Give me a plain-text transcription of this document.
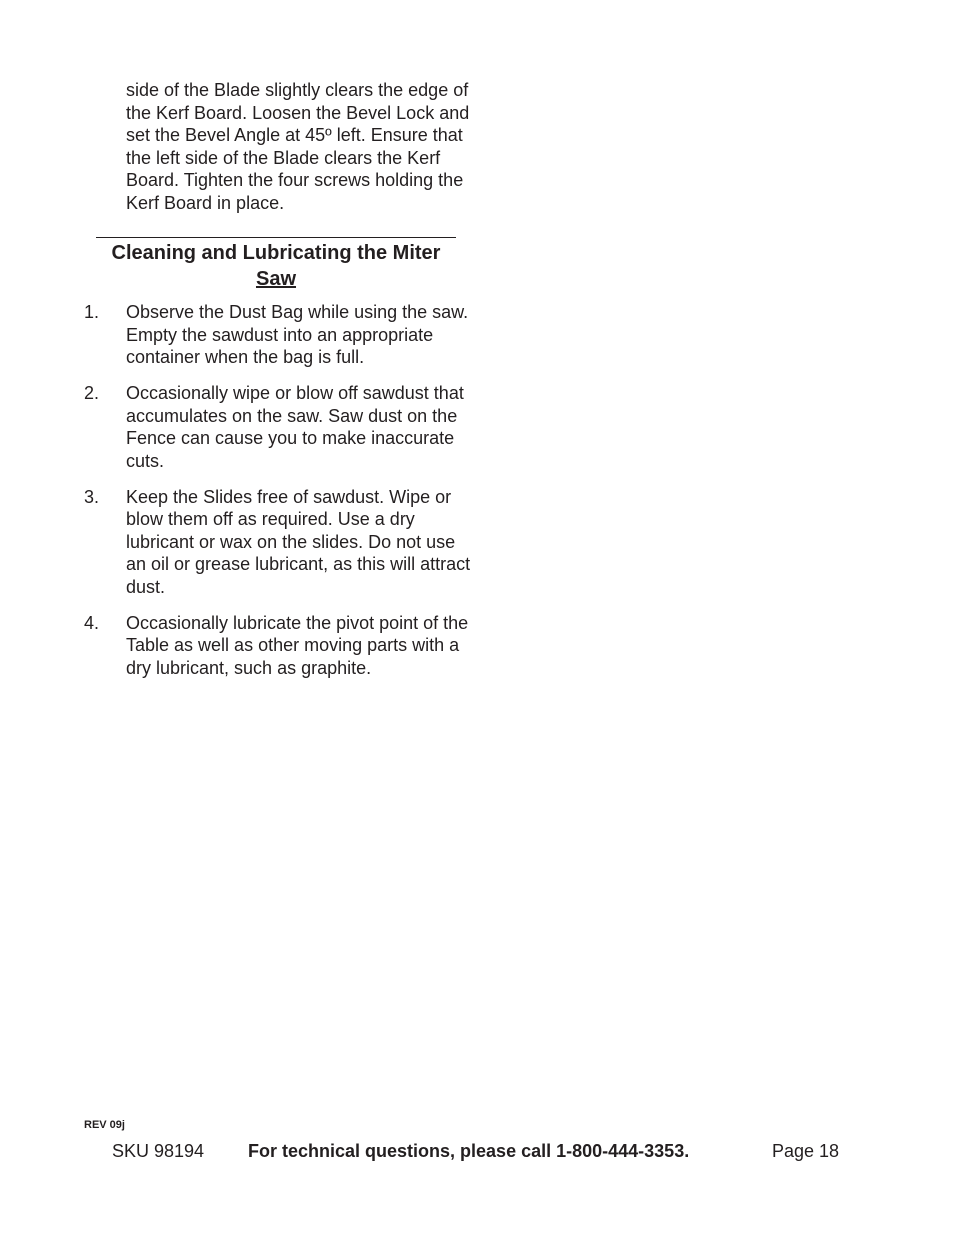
side of the Blade slightly clears the edge of the Kerf Board. Loosen the Bevel Lock and set the Bevel Angle at 45º left. Ensure that the left side of the Blade clears the Kerf Board. Tighten the four screws holding the Kerf Board in place.

Cleaning and Lubricating the Miter
Saw
1. Observe the Dust Bag while using the saw. Empty the sawdust into an appropriate container when the bag is full.
2. Occasionally wipe or blow off sawdust that accumulates on the saw. Saw dust on the Fence can cause you to make inaccurate cuts.
3. Keep the Slides free of sawdust. Wipe or blow them off as required. Use a dry lubricant or wax on the slides. Do not use an oil or grease lubricant, as this will attract dust.
4. Occasionally lubricate the pivot point of the Table as well as other moving parts with a dry lubricant, such as graphite.
REV 09j
SKU 98194 For technical questions, please call 1-800-444-3353.	Page 18
